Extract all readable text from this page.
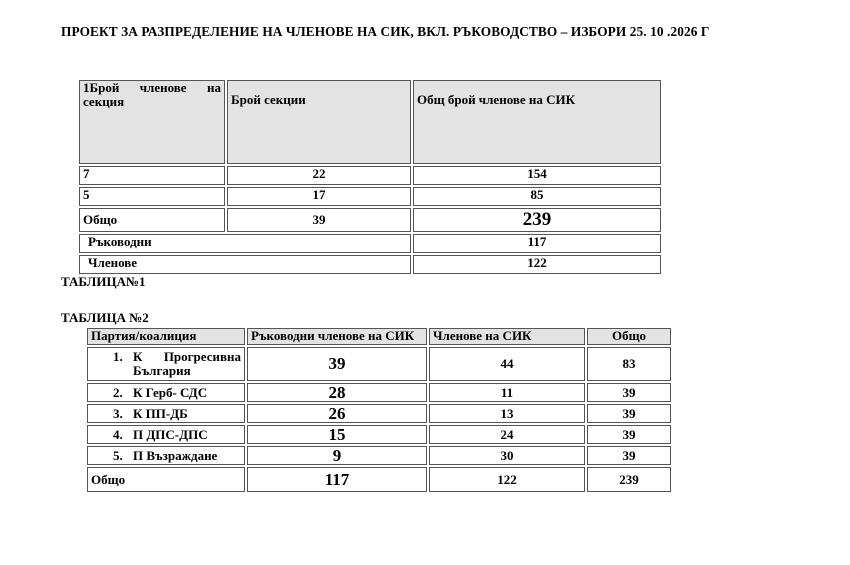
ПРОЕКТ ЗА РАЗПРЕДЕЛЕНИЕ НА ЧЛЕНОВЕ НА СИК, ВКЛ. РЪКОВОДСТВО – ИЗБОРИ 25. 10 .2026 Г
1Брой членове на секция	Брой секции	Общ брой членове на СИК
7	22	154
5	17	85
Общо	39	239
Ръководни		117
Членове		122
ТАБЛИЦА№1
ТАБЛИЦА №2
Партия/коалиция	Ръководни членове на СИК	Членове на СИК	Общо

1. К Прогресивна България	39	44	83

2. К Герб- СДС	28	11	39

3. К ПП-ДБ	26	13	39

4. П ДПС-ДПС	15	24	39

5. П Възраждане	9	30	39
Общо	117	122	239
